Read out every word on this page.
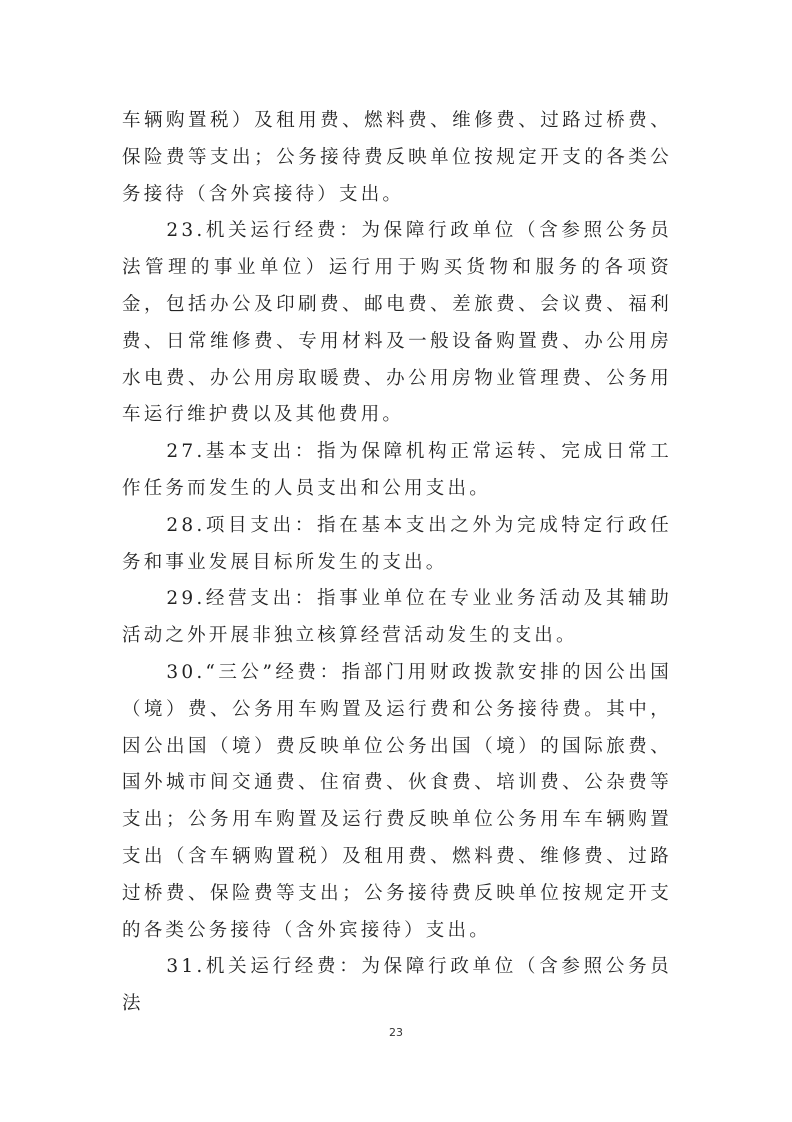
车辆购置税）及租用费、燃料费、维修费、过路过桥费、保险费等支出；公务接待费反映单位按规定开支的各类公务接待（含外宾接待）支出。

23.机关运行经费：为保障行政单位（含参照公务员法管理的事业单位）运行用于购买货物和服务的各项资金，包括办公及印刷费、邮电费、差旅费、会议费、福利费、日常维修费、专用材料及一般设备购置费、办公用房水电费、办公用房取暖费、办公用房物业管理费、公务用车运行维护费以及其他费用。

27.基本支出：指为保障机构正常运转、完成日常工作任务而发生的人员支出和公用支出。

28.项目支出：指在基本支出之外为完成特定行政任务和事业发展目标所发生的支出。

29.经营支出：指事业单位在专业业务活动及其辅助活动之外开展非独立核算经营活动发生的支出。

30.“三公”经费：指部门用财政拨款安排的因公出国（境）费、公务用车购置及运行费和公务接待费。其中，因公出国（境）费反映单位公务出国（境）的国际旅费、国外城市间交通费、住宿费、伙食费、培训费、公杂费等支出；公务用车购置及运行费反映单位公务用车车辆购置支出（含车辆购置税）及租用费、燃料费、维修费、过路过桥费、保险费等支出；公务接待费反映单位按规定开支的各类公务接待（含外宾接待）支出。

31.机关运行经费：为保障行政单位（含参照公务员法

23
